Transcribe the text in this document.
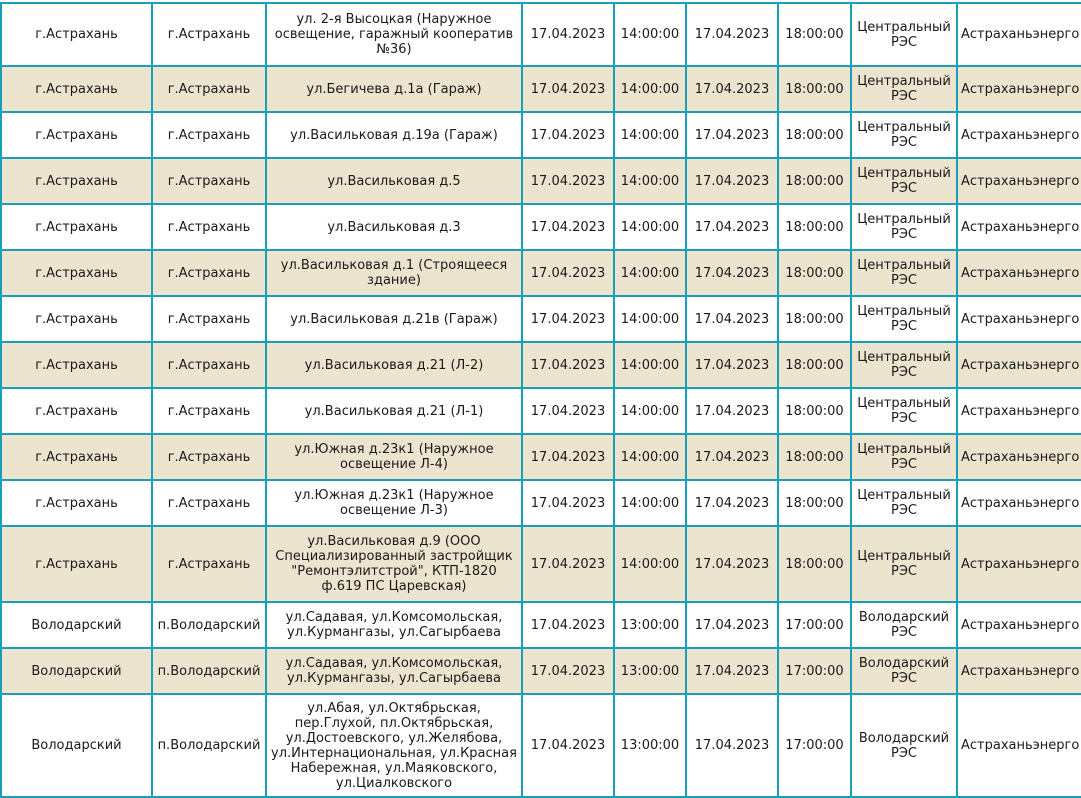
г.Астрахань	г.Астрахань	ул. 2-я Высоцкая (Наружное освещение, гаражный кооператив №36)	17.04.2023	14:00:00	17.04.2023	18:00:00	Центральный РЭС	Астраханьэнерго
г.Астрахань	г.Астрахань	ул.Бегичева д.1а (Гараж)	17.04.2023	14:00:00	17.04.2023	18:00:00	Центральный РЭС	Астраханьэнерго
г.Астрахань	г.Астрахань	ул.Васильковая д.19а (Гараж)	17.04.2023	14:00:00	17.04.2023	18:00:00	Центральный РЭС	Астраханьэнерго
г.Астрахань	г.Астрахань	ул.Васильковая д.5	17.04.2023	14:00:00	17.04.2023	18:00:00	Центральный РЭС	Астраханьэнерго
г.Астрахань	г.Астрахань	ул.Васильковая д.3	17.04.2023	14:00:00	17.04.2023	18:00:00	Центральный РЭС	Астраханьэнерго
г.Астрахань	г.Астрахань	ул.Васильковая д.1 (Строящееся здание)	17.04.2023	14:00:00	17.04.2023	18:00:00	Центральный РЭС	Астраханьэнерго
г.Астрахань	г.Астрахань	ул.Васильковая д.21в (Гараж)	17.04.2023	14:00:00	17.04.2023	18:00:00	Центральный РЭС	Астраханьэнерго
г.Астрахань	г.Астрахань	ул.Васильковая д.21 (Л-2)	17.04.2023	14:00:00	17.04.2023	18:00:00	Центральный РЭС	Астраханьэнерго
г.Астрахань	г.Астрахань	ул.Васильковая д.21 (Л-1)	17.04.2023	14:00:00	17.04.2023	18:00:00	Центральный РЭС	Астраханьэнерго
г.Астрахань	г.Астрахань	ул.Южная д.23к1 (Наружное освещение Л-4)	17.04.2023	14:00:00	17.04.2023	18:00:00	Центральный РЭС	Астраханьэнерго
г.Астрахань	г.Астрахань	ул.Южная д.23к1 (Наружное освещение Л-3)	17.04.2023	14:00:00	17.04.2023	18:00:00	Центральный РЭС	Астраханьэнерго
г.Астрахань	г.Астрахань	ул.Васильковая д.9 (ООО Специализированный застройщик "Ремонтэлитстрой", КТП-1820 ф.619 ПС Царевская)	17.04.2023	14:00:00	17.04.2023	18:00:00	Центральный РЭС	Астраханьэнерго
Володарский	п.Володарский	ул.Садавая, ул.Комсомольская, ул.Курмангазы, ул.Сагырбаева	17.04.2023	13:00:00	17.04.2023	17:00:00	Володарский РЭС	Астраханьэнерго
Володарский	п.Володарский	ул.Садавая, ул.Комсомольская, ул.Курмангазы, ул.Сагырбаева	17.04.2023	13:00:00	17.04.2023	17:00:00	Володарский РЭС	Астраханьэнерго
Володарский	п.Володарский	ул.Абая, ул.Октябрьская, пер.Глухой, пл.Октябрьская, ул.Достоевского, ул.Желябова, ул.Интернациональная, ул.Красная Набережная, ул.Маяковского, ул.Циалковского	17.04.2023	13:00:00	17.04.2023	17:00:00	Володарский РЭС	Астраханьэнерго
